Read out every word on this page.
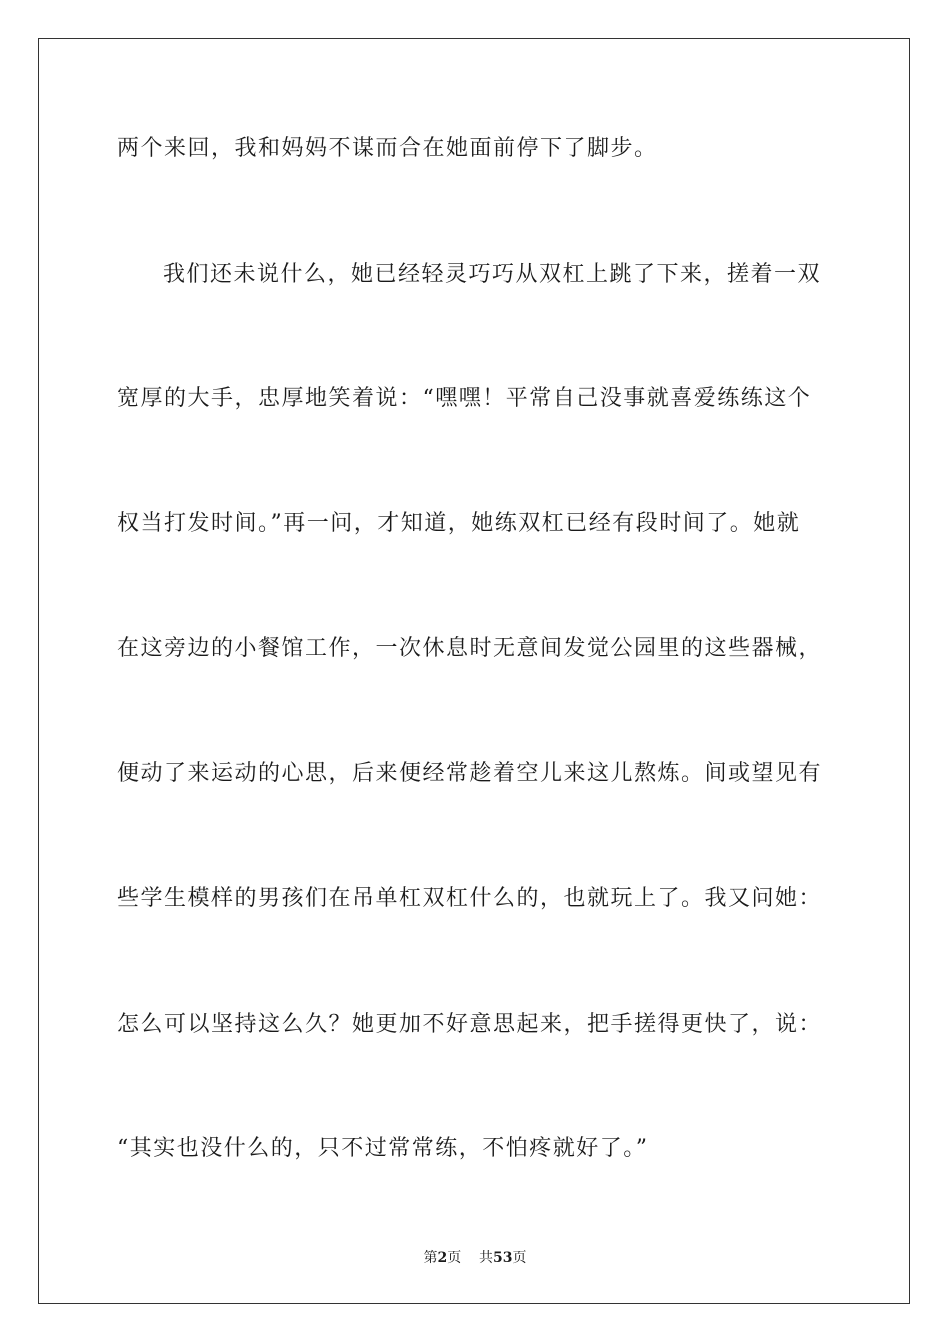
两个来回，我和妈妈不谋而合在她面前停下了脚步。
我们还未说什么，她已经轻灵巧巧从双杠上跳了下来，搓着一双
宽厚的大手，忠厚地笑着说：“嘿嘿！平常自己没事就喜爱练练这个
权当打发时间。”再一问，才知道，她练双杠已经有段时间了。她就
在这旁边的小餐馆工作，一次休息时无意间发觉公园里的这些器械，
便动了来运动的心思，后来便经常趁着空儿来这儿熬炼。间或望见有
些学生模样的男孩们在吊单杠双杠什么的，也就玩上了。我又问她：
怎么可以坚持这么久？她更加不好意思起来，把手搓得更快了，说：
“其实也没什么的，只不过常常练，不怕疼就好了。”
第2页 共53页
